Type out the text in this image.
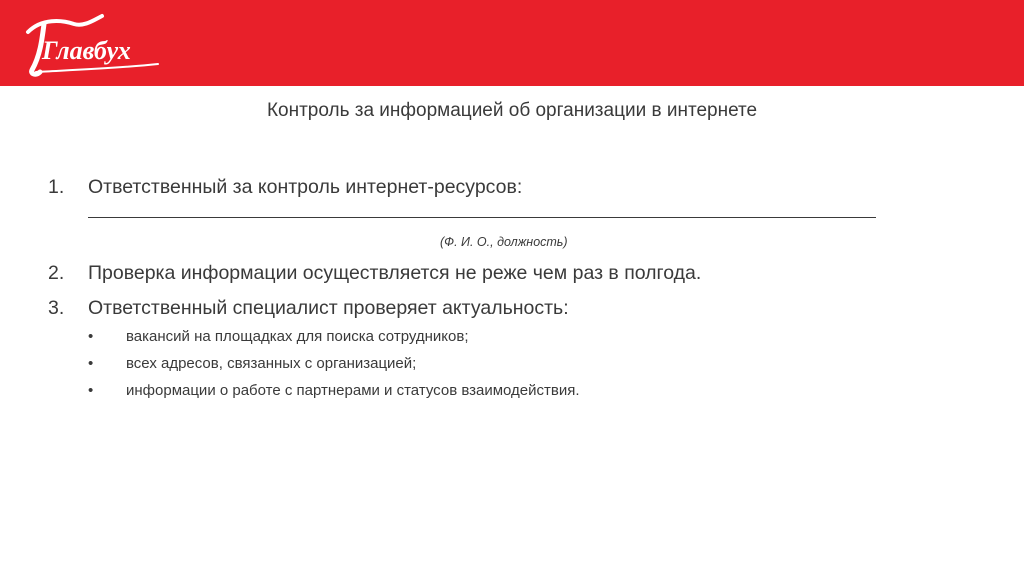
Главбух
Контроль за информацией об организации в интернете
1. Ответственный за контроль интернет-ресурсов:
(Ф. И. О., должность)
2. Проверка информации осуществляется не реже чем раз в полгода.
3. Ответственный специалист проверяет актуальность:
• вакансий на площадках для поиска сотрудников;
• всех адресов, связанных с организацией;
• информации о работе с партнерами и статусов взаимодействия.
